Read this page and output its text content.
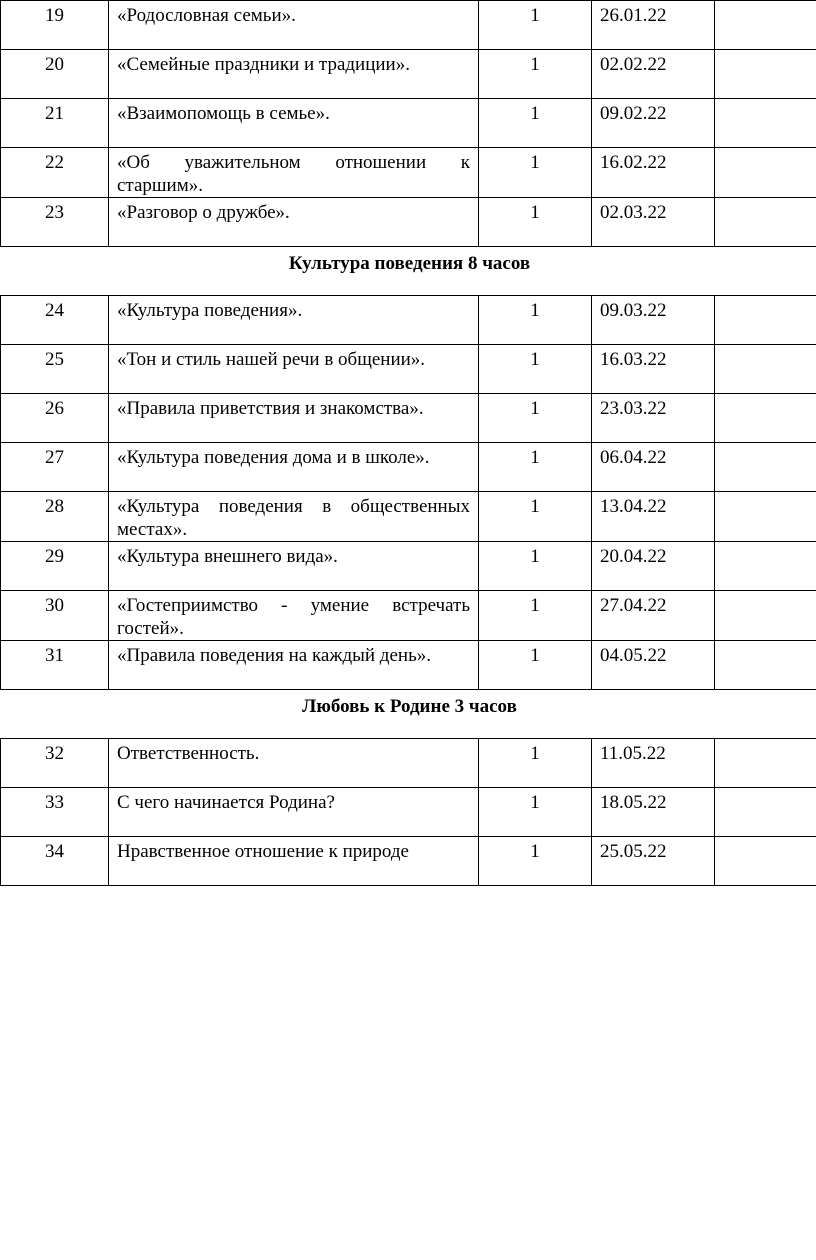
19	«Родословная семьи».	1	26.01.22	
20	«Семейные праздники и традиции».	1	02.02.22	
21	«Взаимопомощь в семье».	1	09.02.22	
22	«Об уважительном отношении к старшим».	1	16.02.22	
23	«Разговор о дружбе».	1	02.03.22	
Культура поведения 8 часов				
24	«Культура поведения».	1	09.03.22	
25	«Тон и стиль нашей речи в общении».	1	16.03.22	
26	«Правила приветствия и знакомства».	1	23.03.22	
27	«Культура поведения дома и в школе».	1	06.04.22	
28	«Культура поведения в общественных местах».	1	13.04.22	
29	«Культура внешнего вида».	1	20.04.22	
30	«Гостеприимство - умение встречать гостей».	1	27.04.22	
31	«Правила поведения на каждый день».	1	04.05.22	
Любовь к Родине 3 часов				
32	Ответственность.	1	11.05.22	
33	С чего начинается Родина?	1	18.05.22	
34	Нравственное отношение к природе	1	25.05.22	
